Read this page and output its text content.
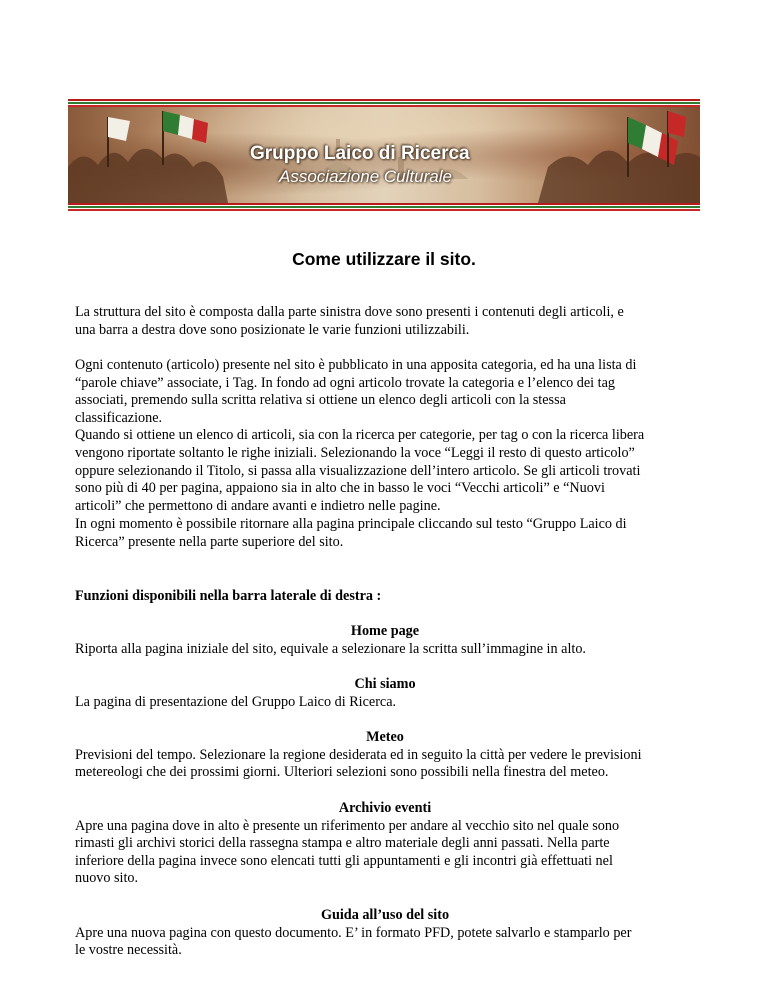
Gruppo Laico di Ricerca
Associazione Culturale
Come utilizzare il sito.

La struttura del sito è composta dalla parte sinistra dove sono presenti i contenuti degli articoli, e

una barra a destra dove sono posizionate le varie funzioni utilizzabili.

Ogni contenuto (articolo) presente nel sito è pubblicato in una apposita categoria, ed ha una lista di

“parole chiave” associate, i Tag. In fondo ad ogni articolo trovate la categoria e l’elenco dei tag

associati, premendo sulla scritta relativa si ottiene un elenco degli articoli con la stessa

classificazione.

Quando si ottiene un elenco di articoli, sia con la ricerca per categorie, per tag o con la ricerca libera

vengono riportate soltanto le righe iniziali. Selezionando la voce “Leggi il resto di questo articolo”

oppure selezionando il Titolo, si passa alla visualizzazione dell’intero articolo. Se gli articoli trovati

sono più di 40 per pagina, appaiono sia in alto che in basso le voci “Vecchi articoli” e “Nuovi

articoli” che permettono di andare avanti e indietro nelle pagine.

In ogni momento è possibile ritornare alla pagina principale cliccando sul testo “Gruppo Laico di

Ricerca” presente nella parte superiore del sito.

Funzioni disponibili nella barra laterale di destra :

Home page

Riporta alla pagina iniziale del sito, equivale a selezionare la scritta sull’immagine in alto.

Chi siamo

La pagina di presentazione del Gruppo Laico di Ricerca.

Meteo

Previsioni del tempo. Selezionare la regione desiderata ed in seguito la città per vedere le previsioni

metereologi che dei prossimi giorni. Ulteriori selezioni sono possibili nella finestra del meteo.

Archivio eventi

Apre una pagina dove in alto è presente un riferimento per andare al vecchio sito nel quale sono

rimasti gli archivi storici della rassegna stampa e altro materiale degli anni passati. Nella parte

inferiore della pagina invece sono elencati tutti gli appuntamenti e gli incontri già effettuati nel

nuovo sito.

Guida all’uso del sito

Apre una nuova pagina con questo documento. E’ in formato PFD, potete salvarlo e stamparlo per

le vostre necessità.
